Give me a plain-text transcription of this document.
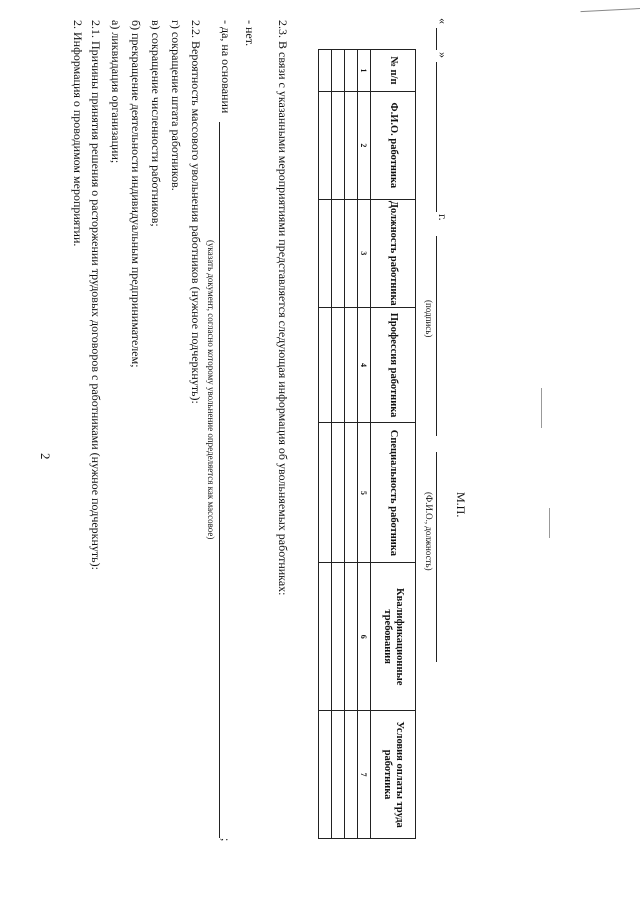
2
2. Информация о проводимом мероприятии. 2.1. Причины принятия решения о расторжении трудовых договоров с работниками (нужное подчеркнуть): а) ликвидация организации; б) прекращение деятельности индивидуальным предпринимателем; в) сокращение численности работников; г) сокращение штата работников. 2.2. Вероятность массового увольнения работников (нужное подчеркнуть): - да, на основании
;
(указать документ, согласно которому увольнение определяется как массовое)
- нет. 2.3. В связи с указанными мероприятиями представляется следующая информация об увольняемых работниках:	№ п/п	Ф.И.О. работника	Должность работника	Профессия работника	Специальность работника	Квалификационные требования	Условия оплаты труда работника
1	2	3	4	5	6	7

«
»
г.
(подпись)
(Ф.И.О., должность) М.П.
